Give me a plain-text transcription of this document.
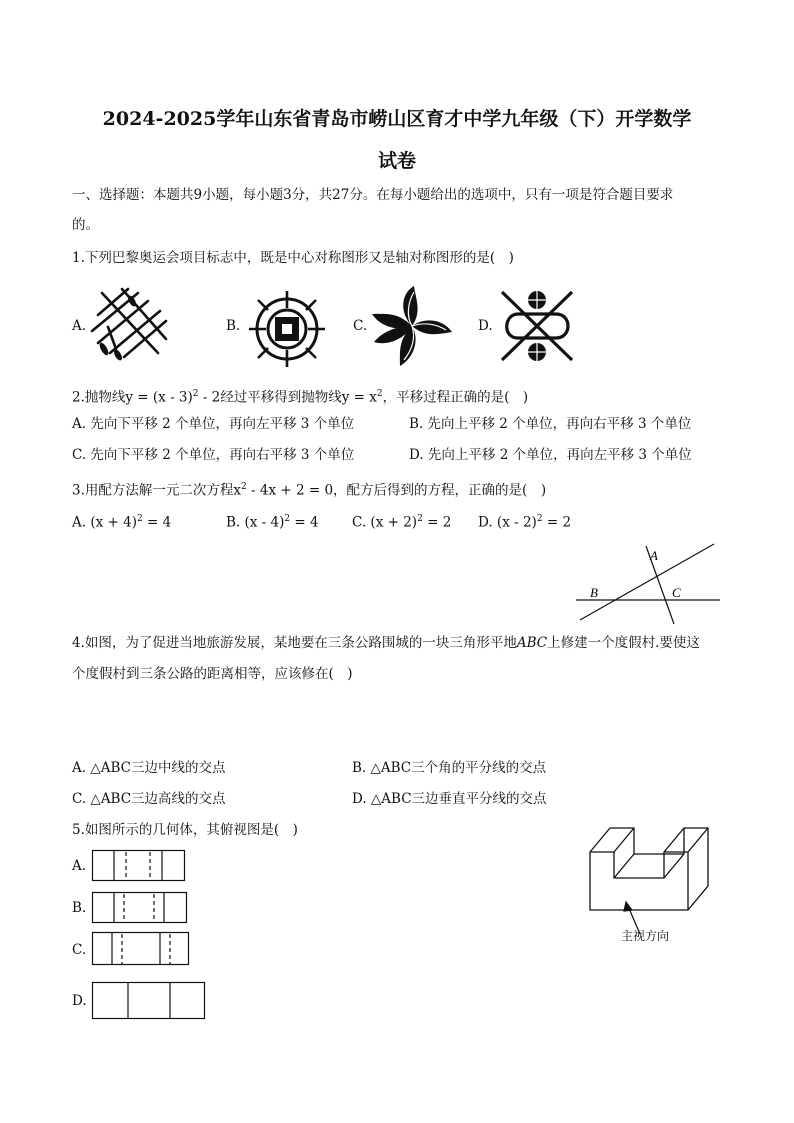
2024-2025学年山东省青岛市崂山区育才中学九年级（下）开学数学
试卷
一、选择题：本题共9小题，每小题3分，共27分。在每小题给出的选项中，只有一项是符合题目要求
的。
1.下列巴黎奥运会项目标志中，既是中心对称图形又是轴对称图形的是(　)
A.	B.	C.	D.
2.抛物线y = (x - 3)$^2$ - 2经过平移得到抛物线$y = x^2$，平移过程正确的是(　)
A. 先向下平移 2 个单位，再向左平移 3 个单位	B. 先向上平移 2 个单位，再向右平移 3 个单位
C. 先向下平移 2 个单位，再向右平移 3 个单位	D. 先向上平移 2 个单位，再向左平移 3 个单位
3.用配方法解一元二次方程$x^2 - 4x + 2 = 0$，配方后得到的方程，正确的是(　)
A. $(x + 4)^2 = 4$	B. (x - 4)$^2$ = 4 C. $(x + 2)^2 = 2$ D. (x - 2)$^2$ = 2
A
B	C
4.如图，为了促进当地旅游发展，某地要在三条公路围城的一块三角形平地ABC上修建一个度假村.要使这
个度假村到三条公路的距离相等，应该修在(　)
A. △ABC三边中线的交点	B. △ABC三个角的平分线的交点
C. △ABC三边高线的交点	D. △ABC三边垂直平分线的交点
5.如图所示的几何体，其俯视图是(　)
A.
B.
C.
D.
主视方向
